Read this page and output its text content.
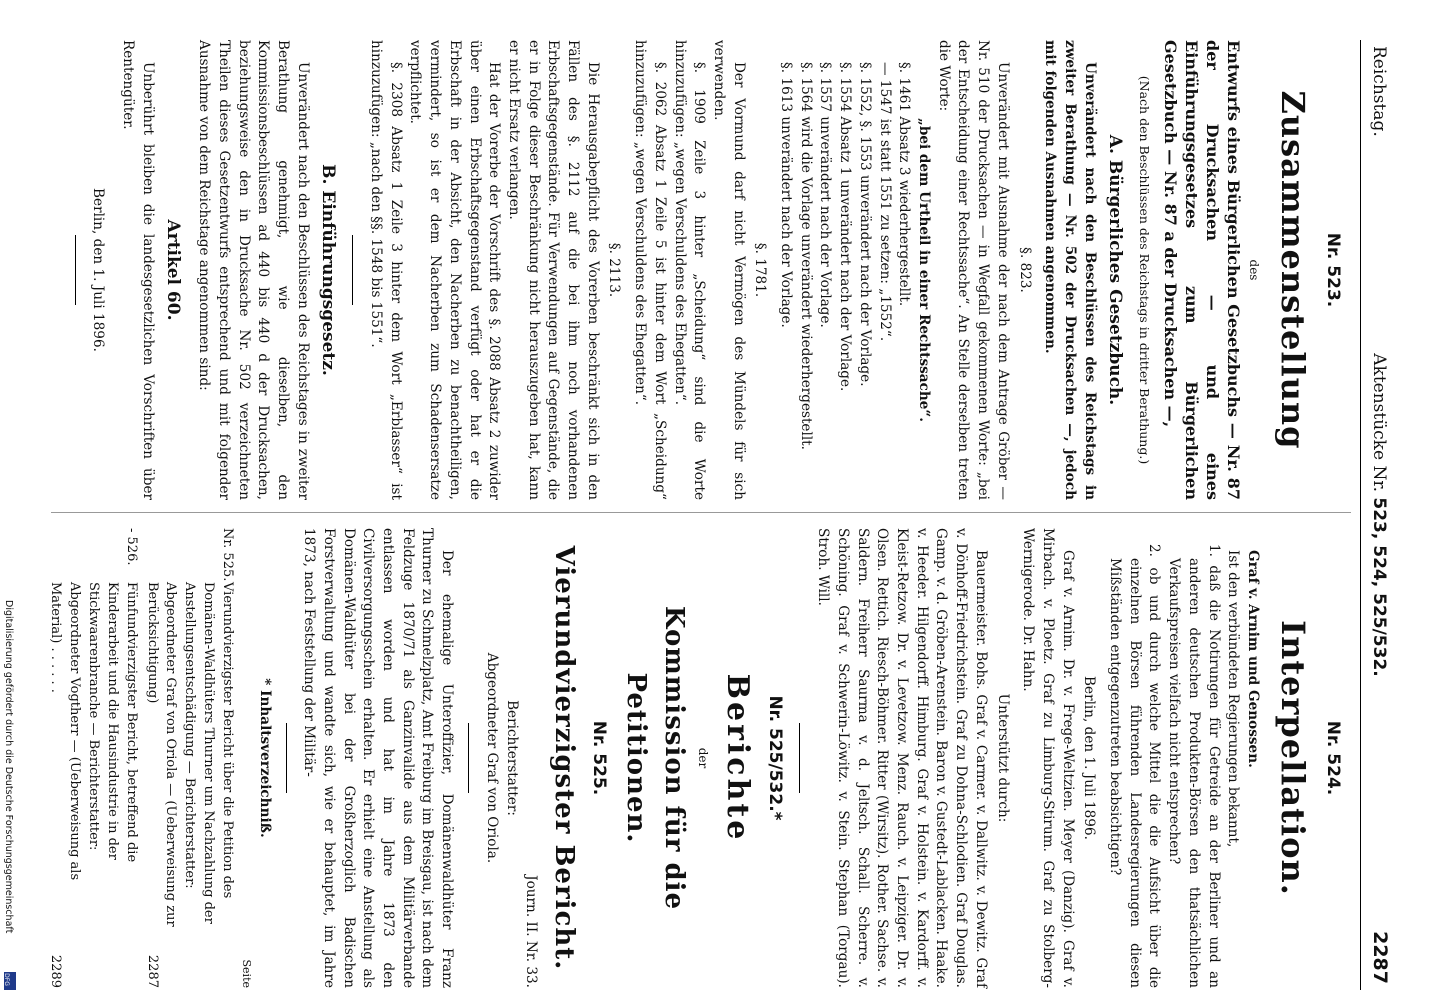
Reichstag.
Aktenstücke Nr. 523, 524, 525/532.
2287
Nr. 523.
Zusammenstellung
des
Entwurfs eines Bürgerlichen Gesetzbuchs — Nr. 87 der Drucksachen — und eines Einführungsgesetzes zum Bürgerlichen Gesetzbuch — Nr. 87 a der Drucksachen —,
(Nach den Beschlüssen des Reichstags in dritter Berathung.)
A. Bürgerliches Gesetzbuch.

Unverändert nach den Beschlüssen des Reichstags in zweiter Berathung — Nr. 502 der Drucksachen —, jedoch mit folgenden Ausnahmen angenommen.

§. 823.

Unverändert mit Ausnahme der nach dem Antrage Gröber — Nr. 510 der Drucksachen — in Wegfall gekommenen Worte: „bei der Entscheidung einer Rechtssache“. An Stelle derselben treten die Worte:

„bei dem Urtheil in einer Rechtssache“.

§. 1461 Absatz 3 wiederhergestellt.

— 1547 ist statt 1551 zu setzen: „1552“.

§. 1552, §. 1553 unverändert nach der Vorlage.

§. 1554 Absatz 1 unverändert nach der Vorlage.

§. 1557 unverändert nach der Vorlage.

§. 1564 wird die Vorlage unverändert wiederhergestellt.

§. 1613 unverändert nach der Vorlage.

§. 1781.

Der Vormund darf nicht Vermögen des Mündels für sich verwenden.

§. 1909 Zeile 3 hinter „Scheidung“ sind die Worte hinzuzufügen: „wegen Verschuldens des Ehegatten“.

§. 2062 Absatz 1 Zeile 5 ist hinter dem Wort „Scheidung“ hinzuzufügen: „wegen Verschuldens des Ehegatten“.

§. 2113.

Die Herausgabepflicht des Vorerben beschränkt sich in den Fällen des §. 2112 auf die bei ihm noch vorhandenen Erbschaftsgegenstände. Für Verwendungen auf Gegenstände, die er in Folge dieser Beschränkung nicht herauszugeben hat, kann er nicht Ersatz verlangen.

Hat der Vorerbe der Vorschrift des §. 2088 Absatz 2 zuwider über einen Erbschaftsgegenstand verfügt oder hat er die Erbschaft in der Absicht, den Nacherben zu benachtheiligen, vermindert, so ist er dem Nacherben zum Schadensersatze verpflichtet.

§. 2308 Absatz 1 Zeile 3 hinter dem Wort „Erblasser“ ist hinzuzufügen: „nach den §§. 1548 bis 1551“.

B. Einführungsgesetz.

Unverändert nach den Beschlüssen des Reichstages in zweiter Berathung genehmigt, wie dieselben, den Kommissionsbeschlüssen ad 440 bis 440 d der Drucksachen, beziehungsweise den in Drucksache Nr. 502 verzeichneten Theilen dieses Gesetzentwurfs entsprechend und mit folgender Ausnahme von dem Reichstage angenommen sind:

Artikel 60.

Unberührt bleiben die landesgesetzlichen Vorschriften über Rentengüter.

Berlin, den 1. Juli 1896.
Nr. 524.
Interpellation.

Graf v. Arnim und Genossen.

Ist den verbündeten Regierungen bekannt,

1. daß die Notirungen für Getreide an der Berliner und an anderen deutschen Produkten-Börsen den thatsächlichen Verkaufspreisen vielfach nicht entsprechen?

2. ob und durch welche Mittel die die Aufsicht über die einzelnen Börsen führenden Landesregierungen diesen Mißständen entgegenzutreten beabsichtigen?

Berlin, den 1. Juli 1896.

Graf v. Arnim. Dr. v. Frege-Weltzien. Meyer (Danzig). Graf v. Mirbach. v. Ploetz. Graf zu Limburg-Stirum. Graf zu Stolberg-Wernigerode. Dr. Hahn.

Unterstützt durch:

Bauermeister. Bohs. Graf v. Carmer. v. Dallwitz. v. Dewitz. Graf v. Dönhoff-Friedrichstein. Graf zu Dohna-Schlodien. Graf Douglas. Gamp. v. d. Gröben-Arenstein. Baron v. Gustedt-Lablacken. Haake. v. Heeder. Hilgendorff. Himburg. Graf v. Holstein. v. Kardorff. v. Kleist-Retzow. Dr. v. Levetzow. Menz. Rauch. v. Leipziger. Dr. v. Olsen. Rettich. Riesch-Böhmer. Ritter (Wirsitz). Rother. Sachse. v. Saldern. Freiherr Saurma v. d. Jeltsch. Schall. Scherre. v. Schöning. Graf v. Schwerin-Löwitz. v. Stein. Stephan (Torgau). Stroh. Will.

Nr. 525/532.*
Berichte
der
Kommission für die Petitionen.
Nr. 525.
Vierundvierzigster Bericht.
Journ. II. Nr. 33.
Berichterstatter:
Abgeordneter Graf von Oriola.

Der ehemalige Unteroffizier, Domänenwaldhüter Franz Thurner zu Schmelzplatz, Amt Freiburg im Breisgau, ist nach dem Feldzuge 1870/71 als Ganzinvalide aus dem Militärverbande entlassen worden und hat im Jahre 1873 den Civilversorgungsschein erhalten. Er erhielt eine Anstellung als Domänen-Waldhüter bei der Großherzoglich Badischen Forstverwaltung und wandte sich, wie er behauptet, im Jahre 1873, nach Feststellung der Militär-

* Inhaltsverzeichniß.
Seite
Nr. 525.
Vierundvierzigster Bericht über die Petition des Domänen-Waldhüters Thurner um Nachzahlung der Anstellungsentschädigung — Berichterstatter: Abgeordneter Graf von Oriola — (Ueberweisung zur Berücksichtigung)
2287
- 526.
Fünfundvierzigster Bericht, betreffend die Kinderarbeit und die Hausindustrie in der Stickwaarenbranche — Berichterstatter: Abgeordneter Vogtherr — (Ueberweisung als Material) . . . . . .
2289
Digitalisierung gefördert durch die Deutsche Forschungsgemeinschaft
DFG
